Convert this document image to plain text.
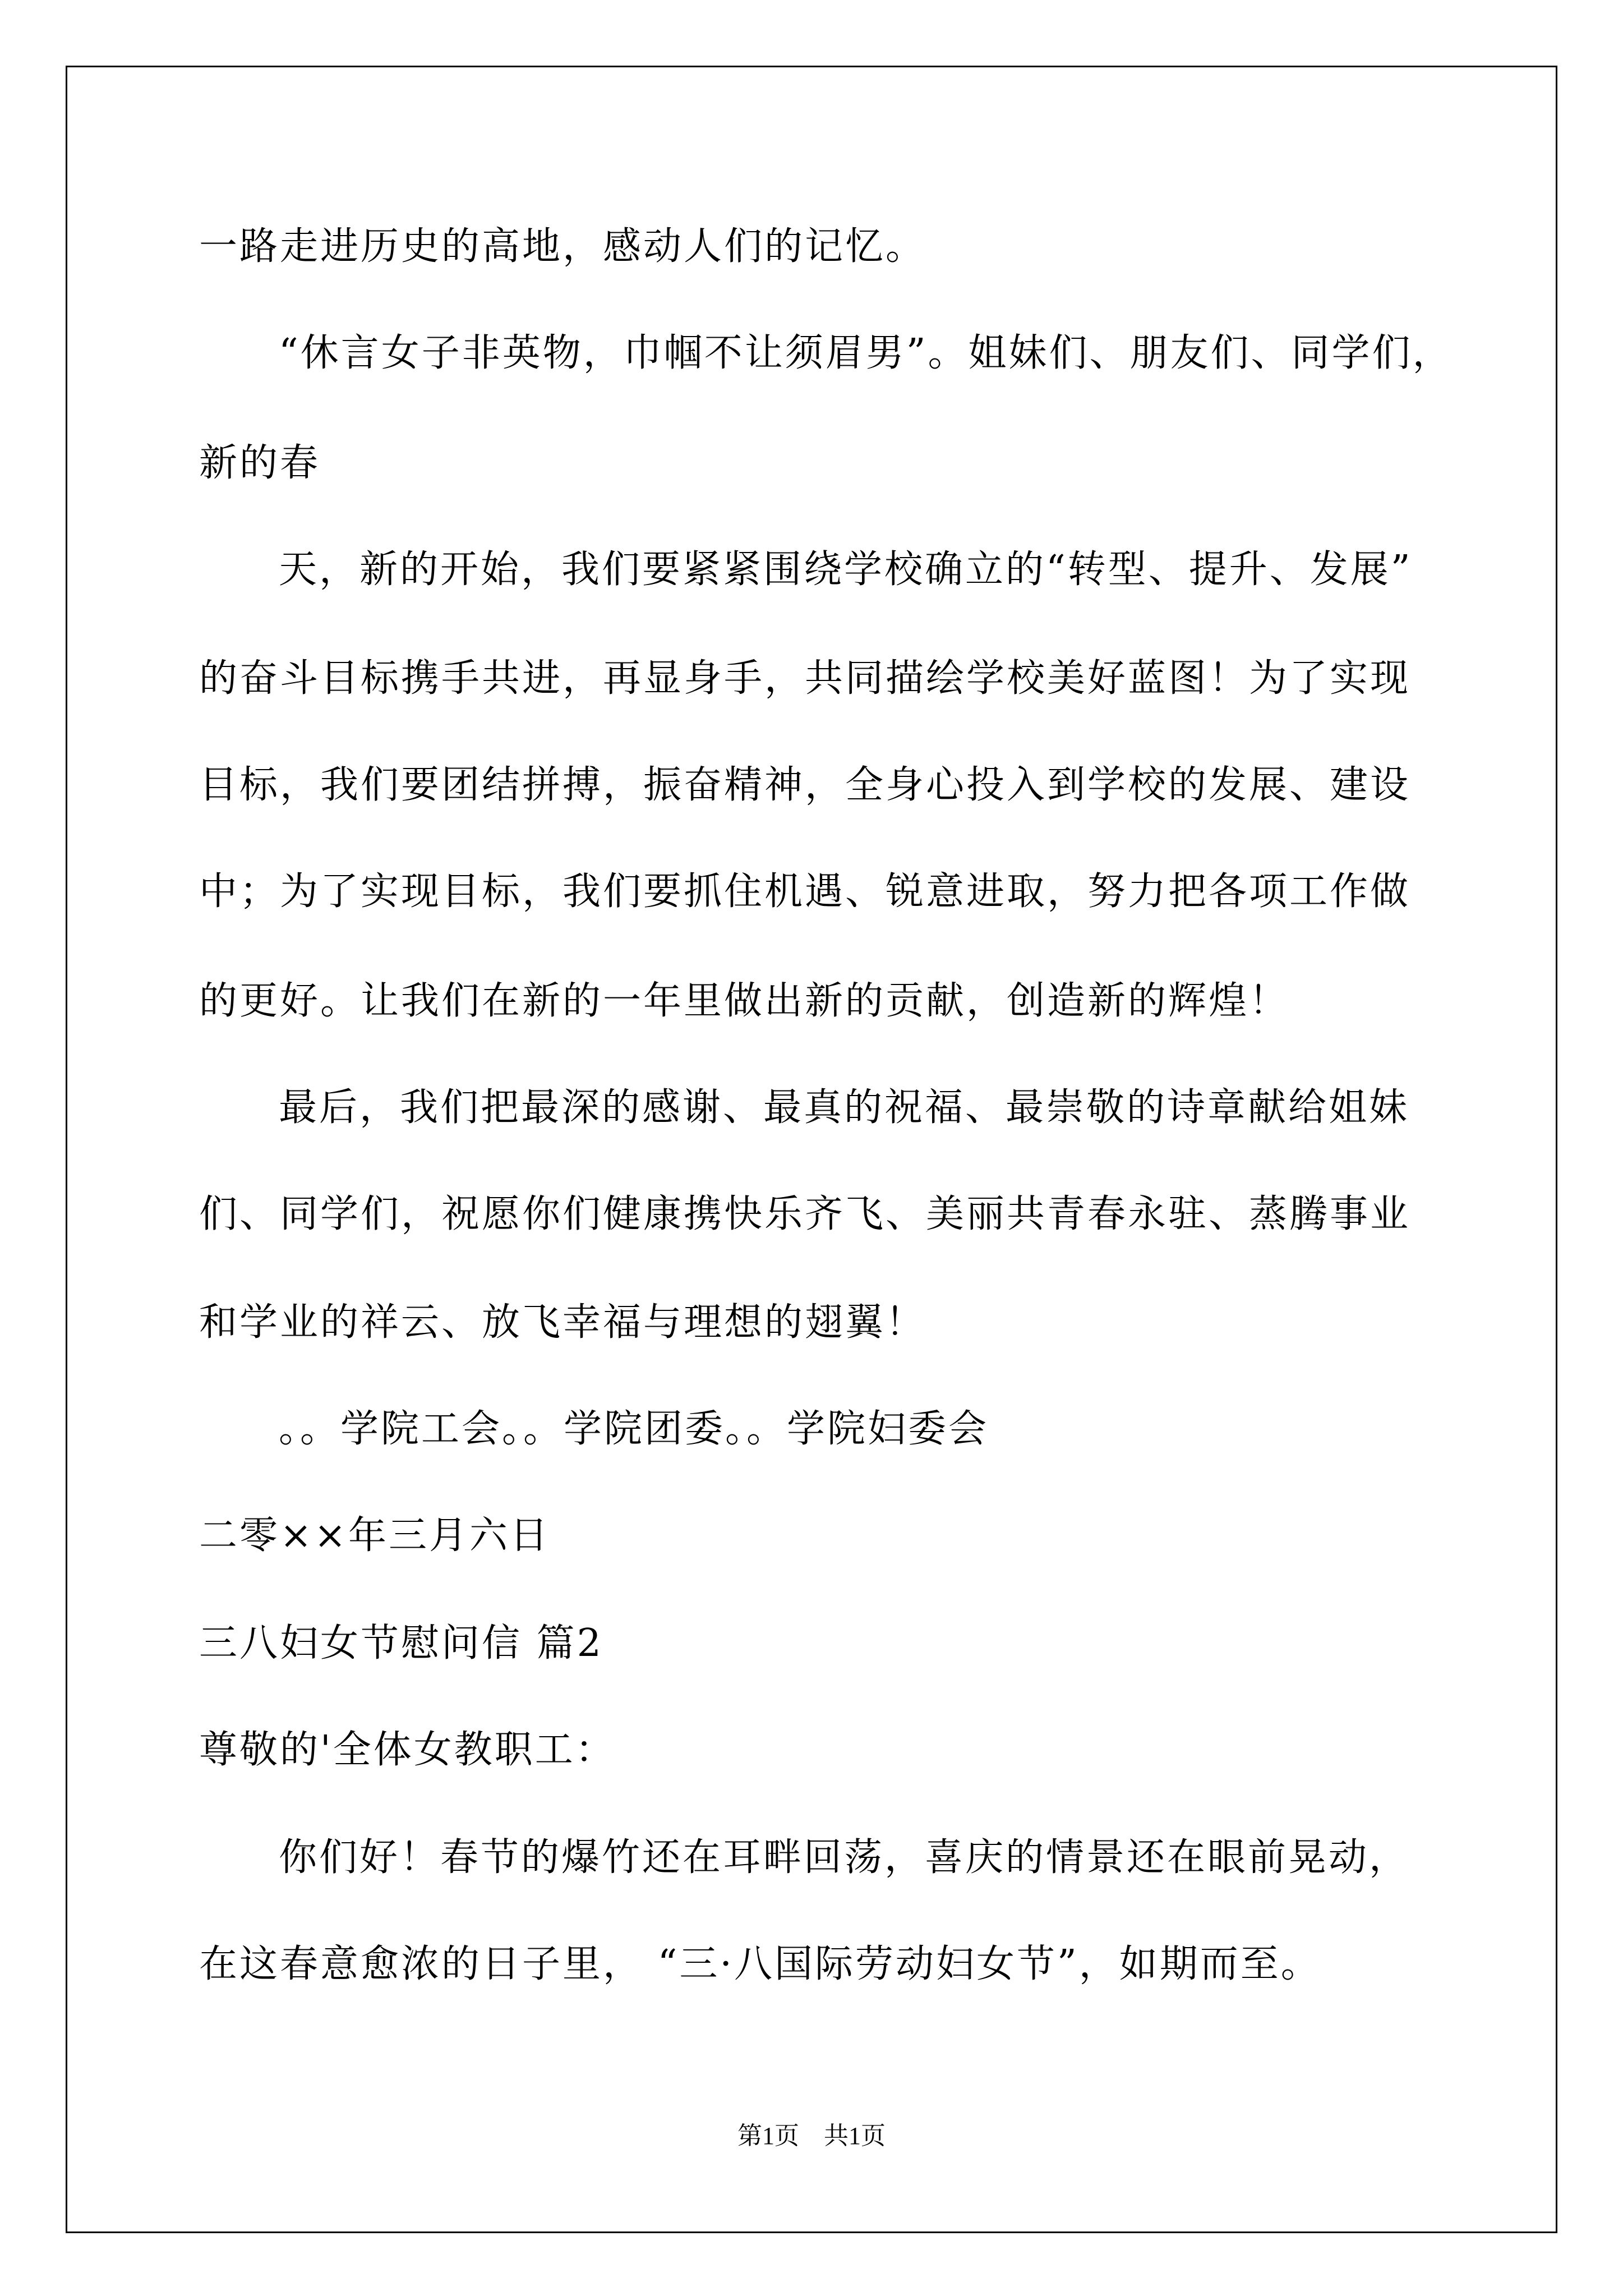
一路走进历史的高地，感动人们的记忆。
“休言女子非英物，巾帼不让须眉男”。姐妹们、朋友们、同学们，
新的春
天，新的开始，我们要紧紧围绕学校确立的“转型、提升、发展”
的奋斗目标携手共进，再显身手，共同描绘学校美好蓝图！为了实现
目标，我们要团结拼搏，振奋精神，全身心投入到学校的发展、建设
中；为了实现目标，我们要抓住机遇、锐意进取，努力把各项工作做
的更好。让我们在新的一年里做出新的贡献，创造新的辉煌！
最后，我们把最深的感谢、最真的祝福、最崇敬的诗章献给姐妹
们、同学们，祝愿你们健康携快乐齐飞、美丽共青春永驻、蒸腾事业
和学业的祥云、放飞幸福与理想的翅翼！
。。学院工会。。学院团委。。学院妇委会
二零××年三月六日
三八妇女节慰问信 篇2
尊敬的'全体女教职工：
你们好！春节的爆竹还在耳畔回荡，喜庆的情景还在眼前晃动，
在这春意愈浓的日子里， “三·八国际劳动妇女节”，如期而至。
第1页　共1页
